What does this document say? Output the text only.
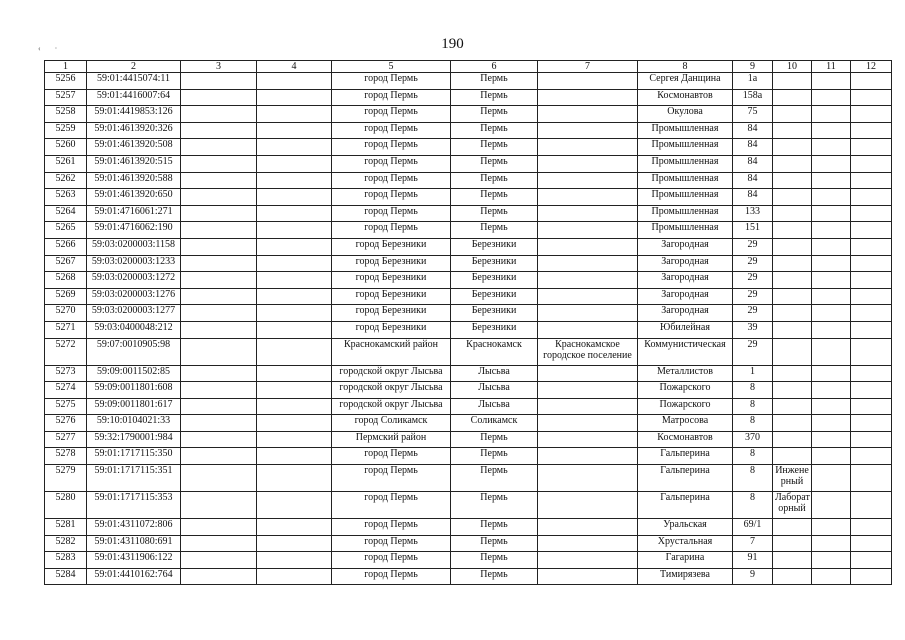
190
‹ ·
1	2	3	4	5	6	7	8	9	10	11	12
5256	59:01:4415074:11			город Пермь	Пермь		Сергея Данщина	1а			
5257	59:01:4416007:64			город Пермь	Пермь		Космонавтов	158а			
5258	59:01:4419853:126			город Пермь	Пермь		Окулова	75			
5259	59:01:4613920:326			город Пермь	Пермь		Промышленная	84			
5260	59:01:4613920:508			город Пермь	Пермь		Промышленная	84			
5261	59:01:4613920:515			город Пермь	Пермь		Промышленная	84			
5262	59:01:4613920:588			город Пермь	Пермь		Промышленная	84			
5263	59:01:4613920:650			город Пермь	Пермь		Промышленная	84			
5264	59:01:4716061:271			город Пермь	Пермь		Промышленная	133			
5265	59:01:4716062:190			город Пермь	Пермь		Промышленная	151			
5266	59:03:0200003:1158			город Березники	Березники		Загородная	29			
5267	59:03:0200003:1233			город Березники	Березники		Загородная	29			
5268	59:03:0200003:1272			город Березники	Березники		Загородная	29			
5269	59:03:0200003:1276			город Березники	Березники		Загородная	29			
5270	59:03:0200003:1277			город Березники	Березники		Загородная	29			
5271	59:03:0400048:212			город Березники	Березники		Юбилейная	39			
5272	59:07:0010905:98			Краснокамский район	Краснокамск	Краснокамское городское поселение	Коммунистическая	29			
5273	59:09:0011502:85			городской округ Лысьва	Лысьва		Металлистов	1			
5274	59:09:0011801:608			городской округ Лысьва	Лысьва		Пожарского	8			
5275	59:09:0011801:617			городской округ Лысьва	Лысьва		Пожарского	8			
5276	59:10:0104021:33			город Соликамск	Соликамск		Матросова	8			
5277	59:32:1790001:984			Пермский район	Пермь		Космонавтов	370			
5278	59:01:1717115:350			город Пермь	Пермь		Гальперина	8			
5279	59:01:1717115:351			город Пермь	Пермь		Гальперина	8	Инжене рный		
5280	59:01:1717115:353			город Пермь	Пермь		Гальперина	8	Лаборат орный		
5281	59:01:4311072:806			город Пермь	Пермь		Уральская	69/1			
5282	59:01:4311080:691			город Пермь	Пермь		Хрустальная	7			
5283	59:01:4311906:122			город Пермь	Пермь		Гагарина	91			
5284	59:01:4410162:764			город Пермь	Пермь		Тимирязева	9			
